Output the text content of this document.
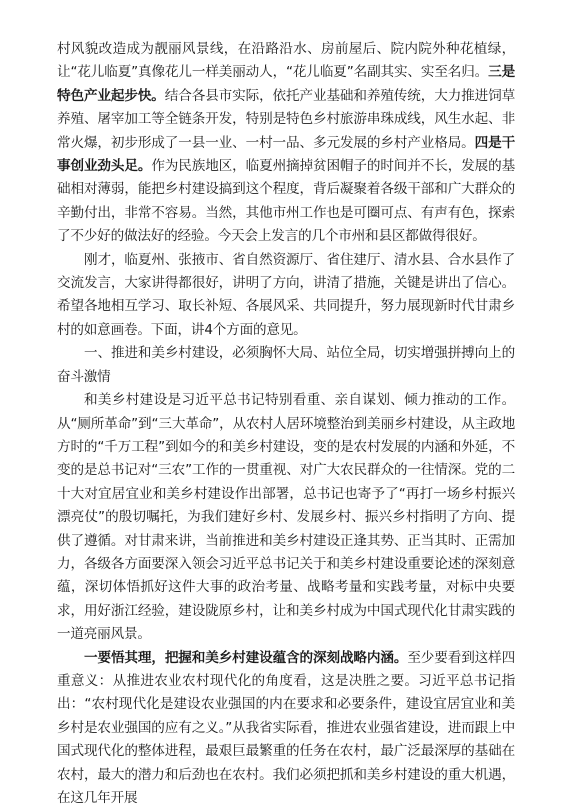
村风貌改造成为靓丽风景线，在沿路沿水、房前屋后、院内院外种花植绿，让“花儿临夏”真像花儿一样美丽动人，“花儿临夏”名副其实、实至名归。三是特色产业起步快。结合各县市实际，依托产业基础和养殖传统，大力推进饲草养殖、屠宰加工等全链条开发，特别是特色乡村旅游串珠成线，风生水起、非常火爆，初步形成了一县一业、一村一品、多元发展的乡村产业格局。四是干事创业劲头足。作为民族地区，临夏州摘掉贫困帽子的时间并不长，发展的基础相对薄弱，能把乡村建设搞到这个程度，背后凝聚着各级干部和广大群众的辛勤付出，非常不容易。当然，其他市州工作也是可圈可点、有声有色，探索了不少好的做法好的经验。今天会上发言的几个市州和县区都做得很好。

刚才，临夏州、张掖市、省自然资源厅、省住建厅、清水县、合水县作了交流发言，大家讲得都很好，讲明了方向，讲清了措施，关键是讲出了信心。希望各地相互学习、取长补短、各展风采、共同提升，努力展现新时代甘肃乡村的如意画卷。下面，讲4个方面的意见。

一、推进和美乡村建设，必须胸怀大局、站位全局，切实增强拼搏向上的奋斗激情

和美乡村建设是习近平总书记特别看重、亲自谋划、倾力推动的工作。从“厕所革命”到“三大革命”，从农村人居环境整治到美丽乡村建设，从主政地方时的“千万工程”到如今的和美乡村建设，变的是农村发展的内涵和外延，不变的是总书记对“三农”工作的一贯重视、对广大农民群众的一往情深。党的二十大对宜居宜业和美乡村建设作出部署，总书记也寄予了“再打一场乡村振兴漂亮仗”的殷切嘱托，为我们建好乡村、发展乡村、振兴乡村指明了方向、提供了遵循。对甘肃来讲，当前推进和美乡村建设正逢其势、正当其时、正需加力，各级各方面要深入领会习近平总书记关于和美乡村建设重要论述的深刻意蕴，深切体悟抓好这件大事的政治考量、战略考量和实践考量，对标中央要求，用好浙江经验，建设陇原乡村，让和美乡村成为中国式现代化甘肃实践的一道亮丽风景。

一要悟其理，把握和美乡村建设蕴含的深刻战略内涵。至少要看到这样四重意义：从推进农业农村现代化的角度看，这是决胜之要。习近平总书记指出：“农村现代化是建设农业强国的内在要求和必要条件，建设宜居宜业和美乡村是农业强国的应有之义。”从我省实际看，推进农业强省建设，进而跟上中国式现代化的整体进程，最艰巨最繁重的任务在农村，最广泛最深厚的基础在农村，最大的潜力和后劲也在农村。我们必须把抓和美乡村建设的重大机遇，在这几年开展
